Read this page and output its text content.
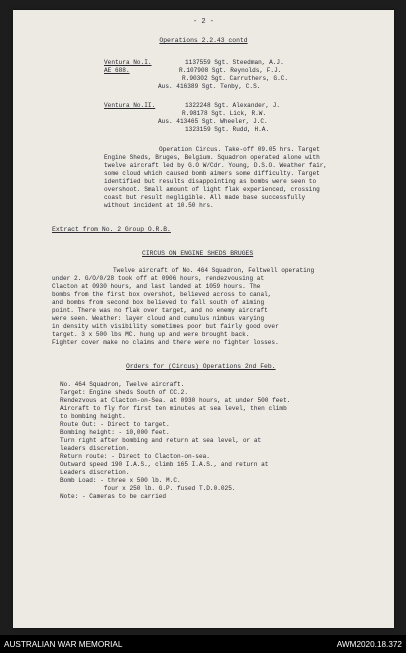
- 2 -
Operations 2.2.43 contd
Ventura No.I.
AE 688.
1137559 Sgt. Steedman, A.J.
R.107908 Sgt. Reynolds, F.J.
R.90302 Sgt. Carruthers, G.C.
Aus. 416389 Sgt. Tenby, C.S.
Ventura No.II.	1322248 Sgt. Alexander, J.
R.98178 Sgt. Lick, R.W.
Aus. 413465 Sgt. Wheeler, J.C.
1323159 Sgt. Rudd, H.A.
Operation Circus. Take-off 09.05 hrs. Target
Engine Sheds, Bruges, Belgium. Squadron operated alone with
twelve aircraft led by G.O W/Cdr. Young, D.S.O. Weather fair,
some cloud which caused bomb aimers some difficulty. Target
identified but results disappointing as bombs were seen to
overshoot. Small amount of light flak experienced, crossing
coast but result negligible. All made base successfully
without incident at 10.50 hrs.
Extract from No. 2 Group O.R.B.
CIRCUS ON ENGINE SHEDS BRUGES
Twelve aircraft of No. 464 Squadron, Feltwell operating
under 2. G/O/0/28 took off at 0906 hours, rendezvousing at
Clacton at 0930 hours, and last landed at 1059 hours. The
bombs from the first box overshot, believed across to canal,
and bombs from second box believed to fall south of aiming
point. There was no flak over target, and no enemy aircraft
were seen. Weather: layer cloud and cumulus nimbus varying
in density with visibility sometimes poor but fairly good over
target. 3 x 500 lbs MC. hung up and were brought back.
Fighter cover make no claims and there were no fighter losses.
Orders for (Circus) Operations 2nd Feb.
No. 464 Squadron, Twelve aircraft.
Target: Engine sheds South of CC.2.
Rendezvous at Clacton-on-Sea. at 0930 hours, at under 500 feet.
Aircraft to fly for first ten minutes at sea level, then climb
to bombing height.
Route Out: - Direct to target.
Bombing height: - 10,000 feet.
Turn right after bombing and return at sea level, or at
leaders discretion.
Return route: - Direct to Clacton-on-sea.
Outward speed 190 I.A.S., climb 165 I.A.S., and return at
Leaders discretion.
Bomb Load: - three x 500 lb. M.C.
four x 250 lb. G.P. fused T.D.0.025.
Note: - Cameras to be carried
AUSTRALIAN WAR MEMORIAL	AWM2020.18.372
